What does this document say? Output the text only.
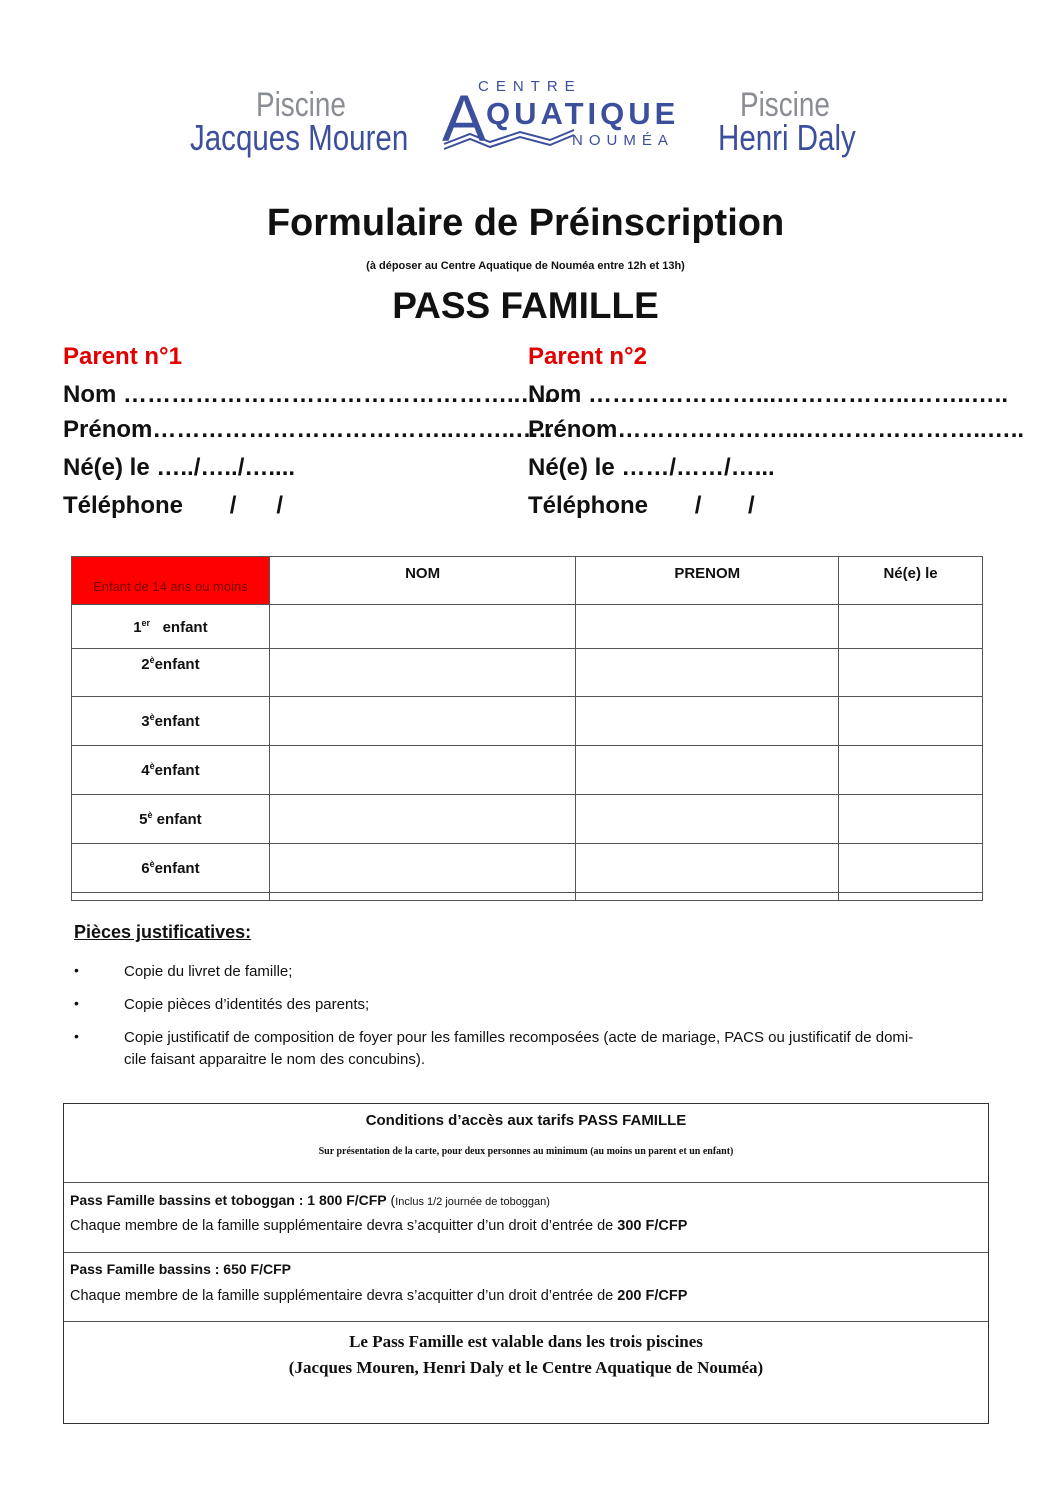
Piscine
Jacques Mouren
CENTRE
A QUATIQUE
NOUMÉA
Piscine
Henri Daly
Formulaire de Préinscription
(à déposer au Centre Aquatique de Nouméa entre 12h et 13h)
PASS FAMILLE
Parent n°1
Nom …………………………………………..…..
Prénom………………………………..……..…..
Né(e) le …../…../…....
Téléphone       /      /
Parent n°2
Nom …………………...……………..……..…..
Prénom…………………...…………………..…..
Né(e) le ……/……/…...
Téléphone       /       /
Enfant de 14 ans ou moins	NOM	PRENOM	Né(e) le
1er enfant			
$2^èenfant$			
$3^èenfant$			
$4^èenfant$			
$5^è$ enfant			
$6^èenfant$			

Pièces justificatives:
•	Copie du livret de famille;
•	Copie pièces d’identités des parents;
•	Copie justificatif de composition de foyer pour les familles recomposées (acte de mariage, PACS ou justificatif de domi-
cile faisant apparaitre le nom des concubins).
Conditions d’accès aux tarifs PASS FAMILLE
Sur présentation de la carte, pour deux personnes au minimum (au moins un parent et un enfant)
Pass Famille bassins et toboggan : 1 800 F/CFP (Inclus 1/2 journée de toboggan)
Chaque membre de la famille supplémentaire devra s’acquitter d’un droit d’entrée de 300 F/CFP
Pass Famille bassins : 650 F/CFP
Chaque membre de la famille supplémentaire devra s’acquitter d’un droit d’entrée de 200 F/CFP
Le Pass Famille est valable dans les trois piscines
(Jacques Mouren, Henri Daly et le Centre Aquatique de Nouméa)
